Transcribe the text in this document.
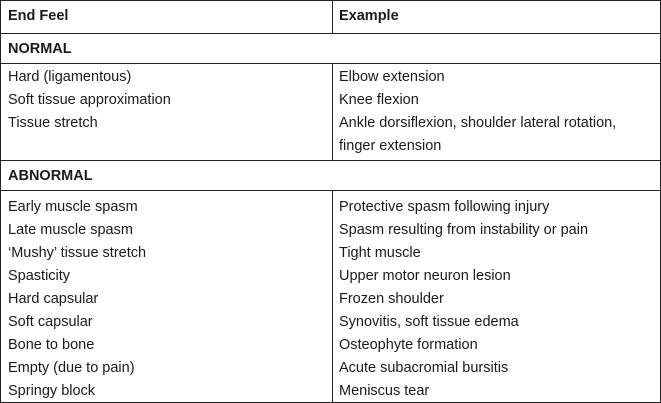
End Feel	Example
NORMAL
Hard (ligamentous)
Soft tissue approximation
Tissue stretch
Elbow extension
Knee flexion
Ankle dorsiflexion, shoulder lateral rotation,
finger extension
ABNORMAL
Early muscle spasm
Late muscle spasm
‘Mushy’ tissue stretch
Spasticity
Hard capsular
Soft capsular
Bone to bone
Empty (due to pain)
Springy block
Protective spasm following injury
Spasm resulting from instability or pain
Tight muscle
Upper motor neuron lesion
Frozen shoulder
Synovitis, soft tissue edema
Osteophyte formation
Acute subacromial bursitis
Meniscus tear
